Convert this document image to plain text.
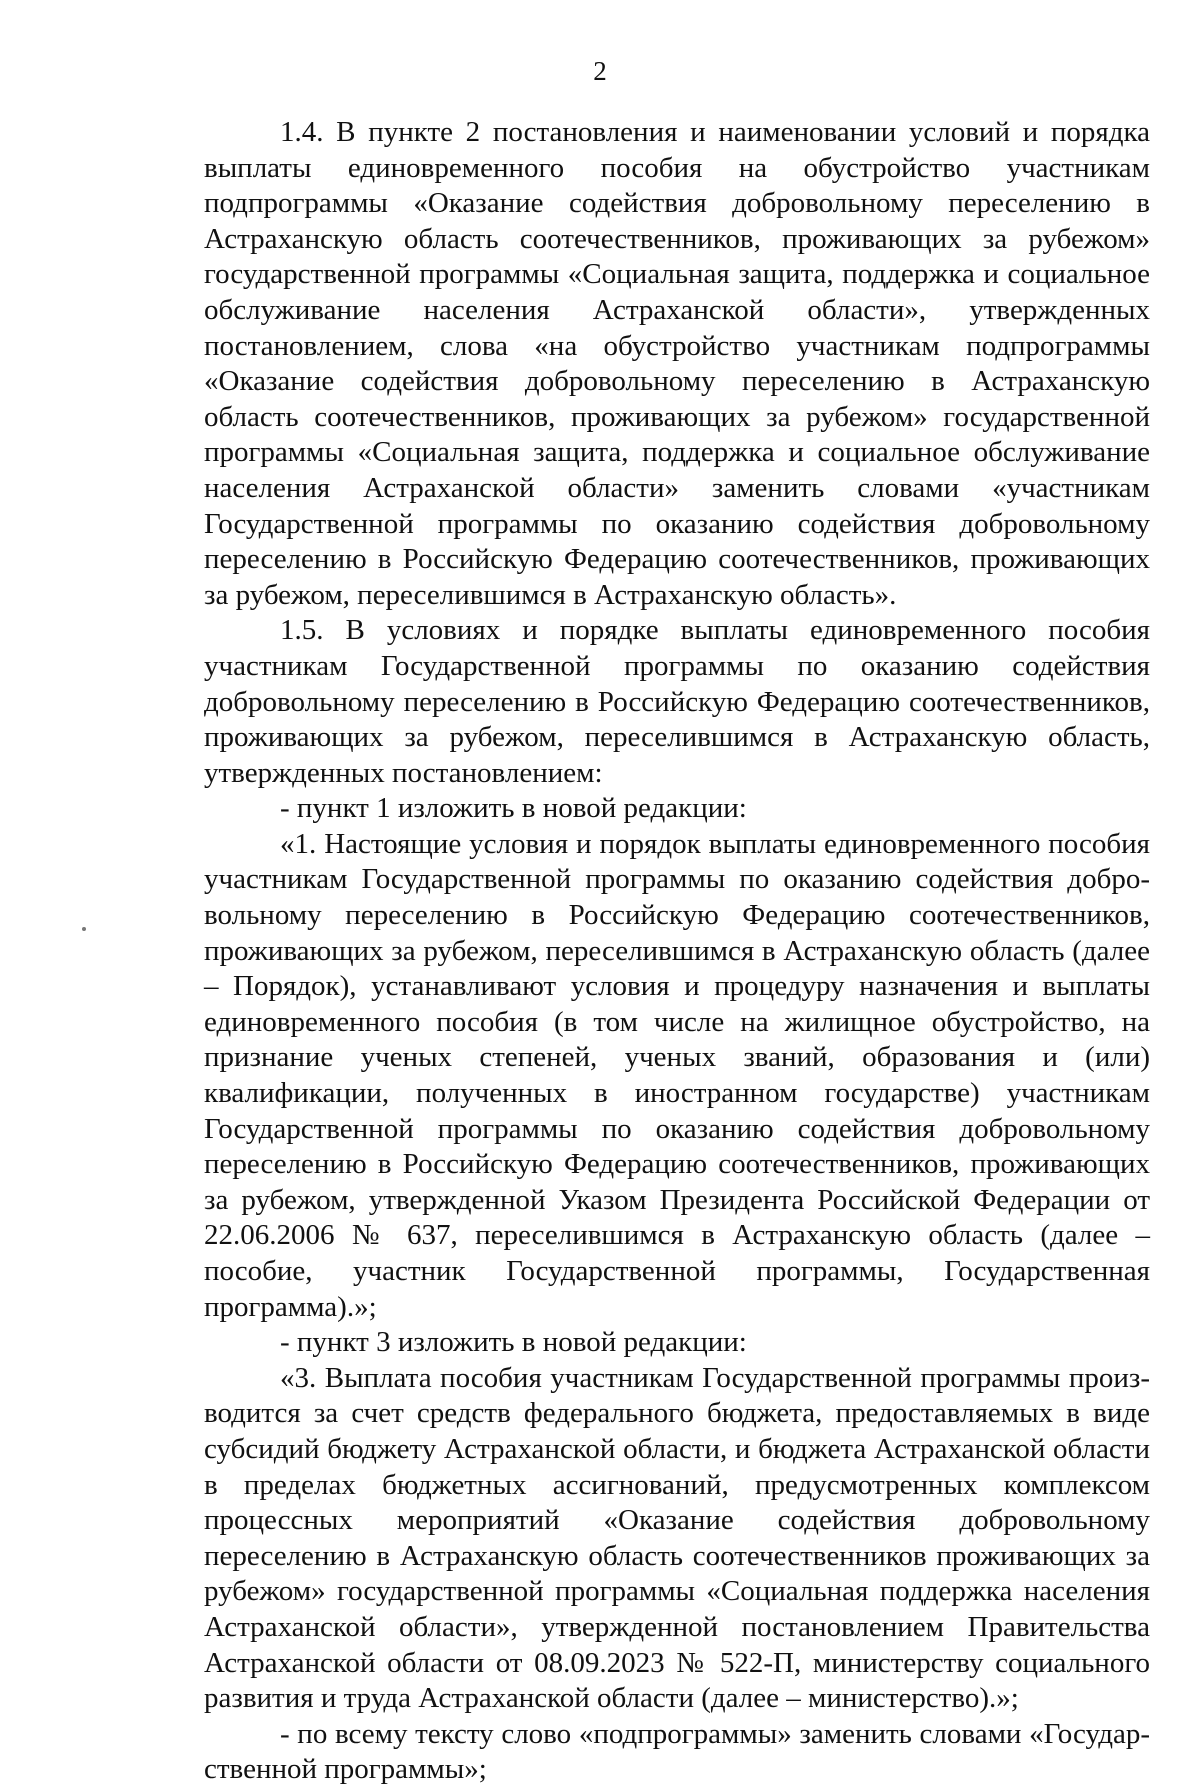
2

1.4. В пункте 2 постановления и наименовании условий и порядка выплаты единовременного пособия на обустройство участникам подпрограммы «Оказание содействия добровольному переселению в Астраханскую область соотечественников, проживающих за рубежом» государственной программы «Социальная защита, поддержка и социальное обслуживание населения Астраханской области», утвержденных постановлением, слова «на обустройство участникам подпрограммы «Оказание содействия добровольному переселению в Астраханскую область соотечественников, проживающих за рубежом» государственной программы «Социальная защита, поддержка и социальное обслуживание населения Астраханской области» заменить словами «участникам Государственной программы по оказанию содействия добровольному переселению в Российскую Федерацию соотечественников, проживающих за рубежом, переселившимся в Астраханскую область».

1.5. В условиях и порядке выплаты единовременного пособия участникам Государственной программы по оказанию содействия добровольному переселению в Российскую Федерацию соотечественников, проживающих за рубежом, переселившимся в Астраханскую область, утвержденных постановлением:

- пункт 1 изложить в новой редакции:

«1. Настоящие условия и порядок выплаты единовременного пособия участникам Государственной программы по оказанию содействия добровольному переселению в Российскую Федерацию соотечественников, проживающих за рубежом, переселившимся в Астраханскую область (далее – Порядок), устанавливают условия и процедуру назначения и выплаты единовременного пособия (в том числе на жилищное обустройство, на признание ученых степеней, ученых званий, образования и (или) квалификации, полученных в иностранном государстве) участникам Государственной программы по оказанию содействия добровольному переселению в Российскую Федерацию соотечественников, проживающих за рубежом, утвержденной Указом Президента Российской Федерации от 22.06.2006 № 637, переселившимся в Астраханскую область (далее – пособие, участник Государственной программы, Государственная программа).»;

- пункт 3 изложить в новой редакции:

«3. Выплата пособия участникам Государственной программы производится за счет средств федерального бюджета, предоставляемых в виде субсидий бюджету Астраханской области, и бюджета Астраханской области в пределах бюджетных ассигнований, предусмотренных комплексом процессных мероприятий «Оказание содействия добровольному переселению в Астраханскую область соотечественников проживающих за рубежом» государственной программы «Социальная поддержка населения Астраханской области», утвержденной постановлением Правительства Астраханской области от 08.09.2023 № 522-П, министерству социального развития и труда Астраханской области (далее – министерство).»;

- по всему тексту слово «подпрограммы» заменить словами «Государственной программы»;
